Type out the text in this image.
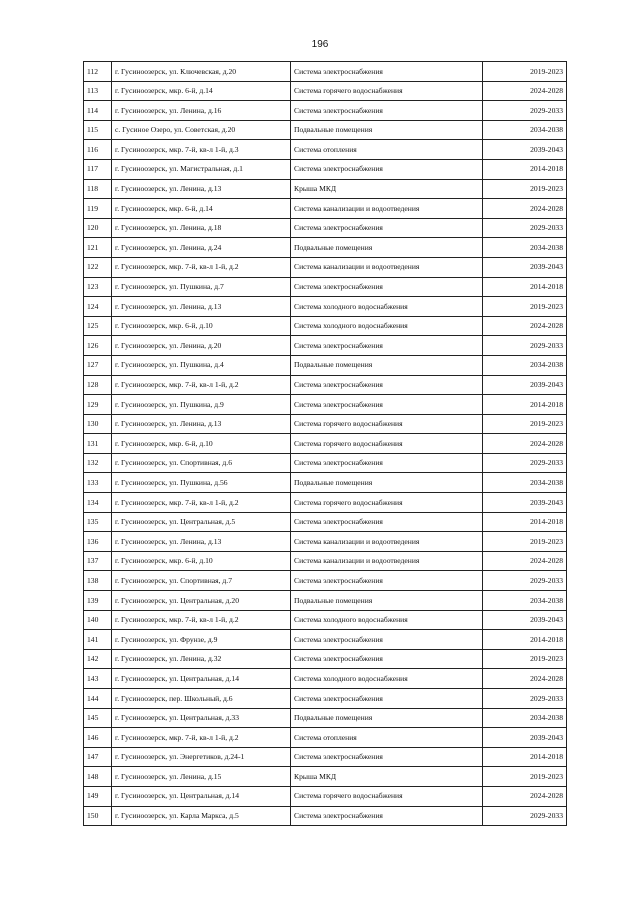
196
112	г. Гусиноозерск, ул. Ключевская, д.20	Система электроснабжения	2019-2023
113	г. Гусиноозерск, мкр. 6-й, д.14	Система горячего водоснабжения	2024-2028
114	г. Гусиноозерск, ул. Ленина, д.16	Система электроснабжения	2029-2033
115	с. Гусиное Озеро, ул. Советская, д.20	Подвальные помещения	2034-2038
116	г. Гусиноозерск, мкр. 7-й, кв-л 1-й, д.3	Система отопления	2039-2043
117	г. Гусиноозерск, ул. Магистральная, д.1	Система электроснабжения	2014-2018
118	г. Гусиноозерск, ул. Ленина, д.13	Крыша МКД	2019-2023
119	г. Гусиноозерск, мкр. 6-й, д.14	Система канализации и водоотведения	2024-2028
120	г. Гусиноозерск, ул. Ленина, д.18	Система электроснабжения	2029-2033
121	г. Гусиноозерск, ул. Ленина, д.24	Подвальные помещения	2034-2038
122	г. Гусиноозерск, мкр. 7-й, кв-л 1-й, д.2	Система канализации и водоотведения	2039-2043
123	г. Гусиноозерск, ул. Пушкина, д.7	Система электроснабжения	2014-2018
124	г. Гусиноозерск, ул. Ленина, д.13	Система холодного водоснабжения	2019-2023
125	г. Гусиноозерск, мкр. 6-й, д.10	Система холодного водоснабжения	2024-2028
126	г. Гусиноозерск, ул. Ленина, д.20	Система электроснабжения	2029-2033
127	г. Гусиноозерск, ул. Пушкина, д.4	Подвальные помещения	2034-2038
128	г. Гусиноозерск, мкр. 7-й, кв-л 1-й, д.2	Система электроснабжения	2039-2043
129	г. Гусиноозерск, ул. Пушкина, д.9	Система электроснабжения	2014-2018
130	г. Гусиноозерск, ул. Ленина, д.13	Система горячего водоснабжения	2019-2023
131	г. Гусиноозерск, мкр. 6-й, д.10	Система горячего водоснабжения	2024-2028
132	г. Гусиноозерск, ул. Спортивная, д.6	Система электроснабжения	2029-2033
133	г. Гусиноозерск, ул. Пушкина, д.56	Подвальные помещения	2034-2038
134	г. Гусиноозерск, мкр. 7-й, кв-л 1-й, д.2	Система горячего водоснабжения	2039-2043
135	г. Гусиноозерск, ул. Центральная, д.5	Система электроснабжения	2014-2018
136	г. Гусиноозерск, ул. Ленина, д.13	Система канализации и водоотведения	2019-2023
137	г. Гусиноозерск, мкр. 6-й, д.10	Система канализации и водоотведения	2024-2028
138	г. Гусиноозерск, ул. Спортивная, д.7	Система электроснабжения	2029-2033
139	г. Гусиноозерск, ул. Центральная, д.20	Подвальные помещения	2034-2038
140	г. Гусиноозерск, мкр. 7-й, кв-л 1-й, д.2	Система холодного водоснабжения	2039-2043
141	г. Гусиноозерск, ул. Фрунзе, д.9	Система электроснабжения	2014-2018
142	г. Гусиноозерск, ул. Ленина, д.32	Система электроснабжения	2019-2023
143	г. Гусиноозерск, ул. Центральная, д.14	Система холодного водоснабжения	2024-2028
144	г. Гусиноозерск, пер. Школьный, д.6	Система электроснабжения	2029-2033
145	г. Гусиноозерск, ул. Центральная, д.33	Подвальные помещения	2034-2038
146	г. Гусиноозерск, мкр. 7-й, кв-л 1-й, д.2	Система отопления	2039-2043
147	г. Гусиноозерск, ул. Энергетиков, д.24-1	Система электроснабжения	2014-2018
148	г. Гусиноозерск, ул. Ленина, д.15	Крыша МКД	2019-2023
149	г. Гусиноозерск, ул. Центральная, д.14	Система горячего водоснабжения	2024-2028
150	г. Гусиноозерск, ул. Карла Маркса, д.5	Система электроснабжения	2029-2033
